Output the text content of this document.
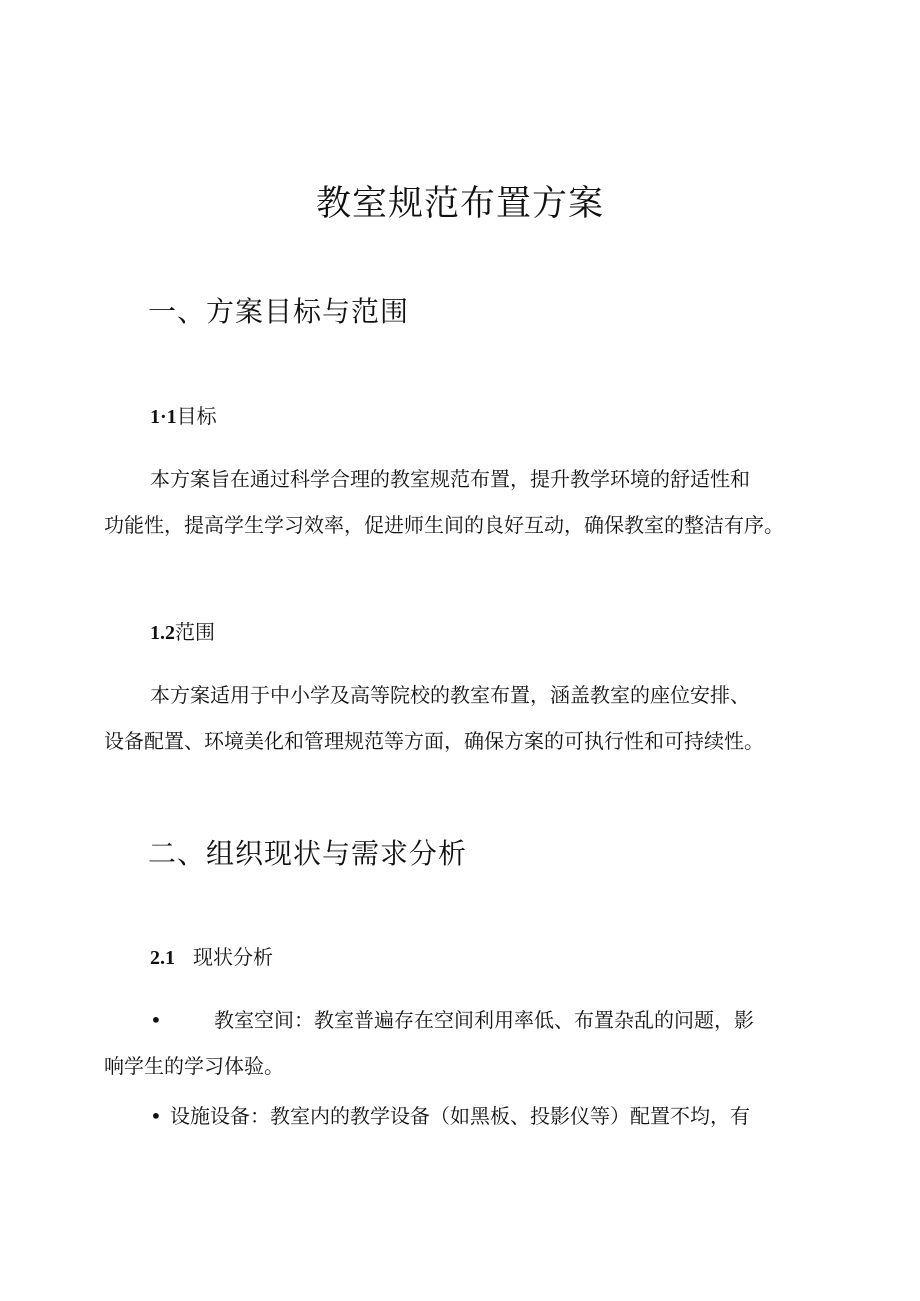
教室规范布置方案
一、方案目标与范围
1·1目标
本方案旨在通过科学合理的教室规范布置，提升教学环境的舒适性和
功能性，提高学生学习效率，促进师生间的良好互动，确保教室的整洁有序。
1.2范围
本方案适用于中小学及高等院校的教室布置，涵盖教室的座位安排、
设备配置、环境美化和管理规范等方面，确保方案的可执行性和可持续性。
二、组织现状与需求分析
2.1 现状分析
•	教室空间：教室普遍存在空间利用率低、布置杂乱的问题，影
响学生的学习体验。
• 设施设备：教室内的教学设备（如黑板、投影仪等）配置不均，有
